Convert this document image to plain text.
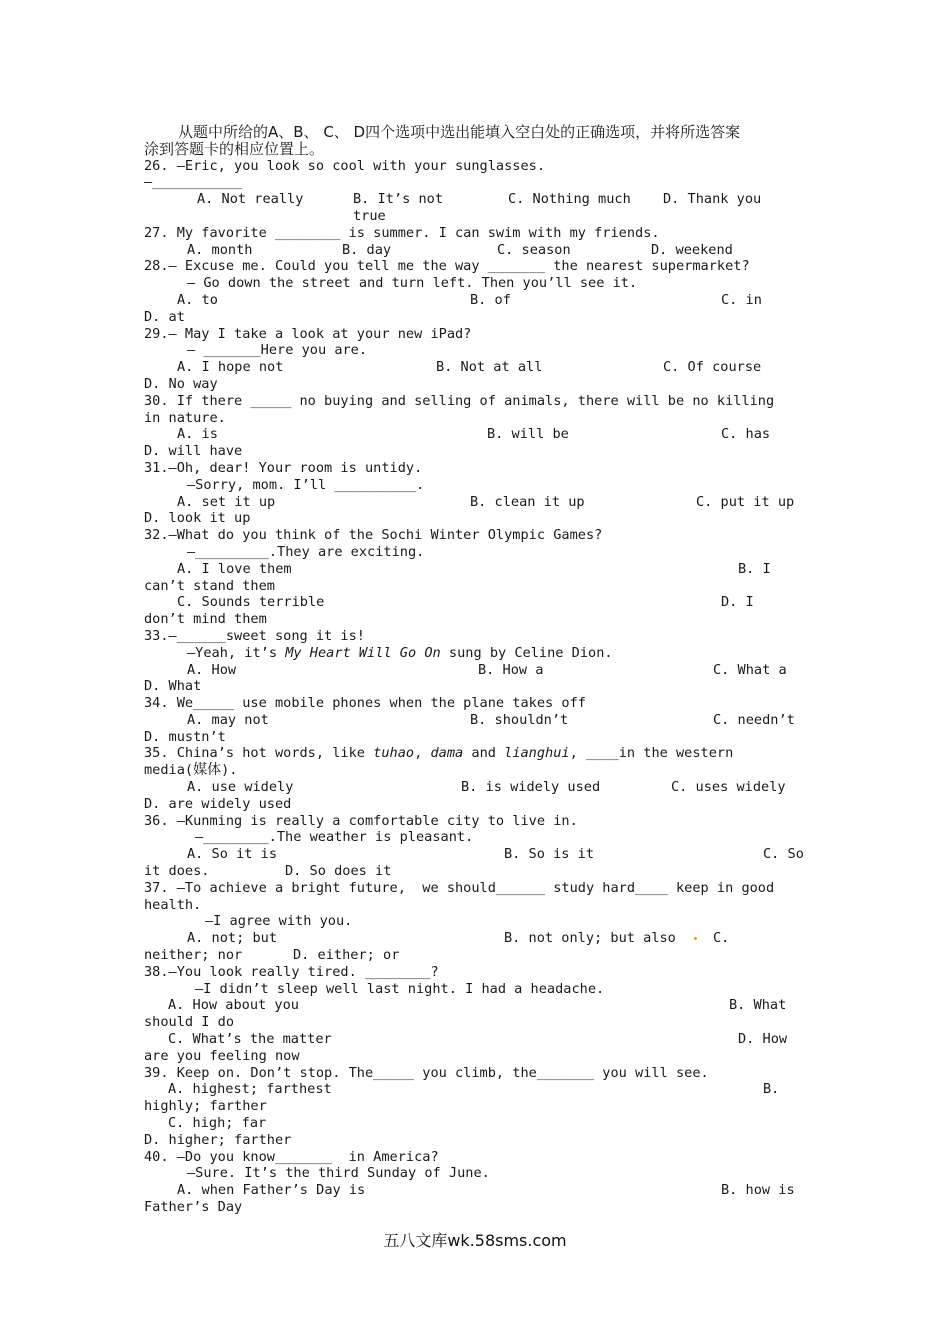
从题中所给的A、B、 C、 D四个选项中选出能填入空白处的正确选项，并将所选答案
涂到答题卡的相应位置上。
26. —Eric, you look so cool with your sunglasses.
—___________
A. Not really	B. It’s not	C. Nothing much D. Thank you
true
27. My favorite ________ is summer. I can swim with my friends.
A. month	B. day	C. season	D. weekend
28.— Excuse me. Could you tell me the way _______ the nearest supermarket?
— Go down the street and turn left. Then you’ll see it.
A. to	B. of	C. in
D. at
29.— May I take a look at your new iPad?
— _______Here you are.
A. I hope not	B. Not at all	C. Of course
D. No way
30. If there _____ no buying and selling of animals, there will be no killing
in nature.
A. is	B. will be	C. has
D. will have
31.—Oh, dear! Your room is untidy.
—Sorry, mom. I’ll __________.
A. set it up	B. clean it up	C. put it up
D. look it up
32.—What do you think of the Sochi Winter Olympic Games?
—_________.They are exciting.
A. I love them	B. I
can’t stand them
C. Sounds terrible	D. I
don’t mind them
33.—______sweet song it is!
—Yeah, it’s My Heart Will Go On sung by Celine Dion.
A. How	B. How a	C. What a
D. What
34. We_____ use mobile phones when the plane takes off
A. may not	B. shouldn’t	C. needn’t
D. mustn’t
35. China’s hot words, like tuhao, dama and lianghui, ____in the western
media(媒体).
A. use widely	B. is widely used	C. uses widely
D. are widely used
36. —Kunming is really a comfortable city to live in.
—________.The weather is pleasant.
A. So it is	B. So is it	C. So
it does.	D. So does it
37. —To achieve a bright future,  we should______ study hard____ keep in good
health.
—I agree with you.
A. not; but	B. not only; but also	C.
neither; nor	D. either; or
38.—You look really tired. ________?
—I didn’t sleep well last night. I had a headache.
A. How about you	B. What
should I do
C. What’s the matter	D. How
are you feeling now
39. Keep on. Don’t stop. The_____ you climb, the_______ you will see.
A. highest; farthest	B.
highly; farther
C. high; far
D. higher; farther
40. —Do you know_______  in America?
—Sure. It’s the third Sunday of June.
A. when Father’s Day is	B. how is
Father’s Day
五八文库wk.58sms.com
